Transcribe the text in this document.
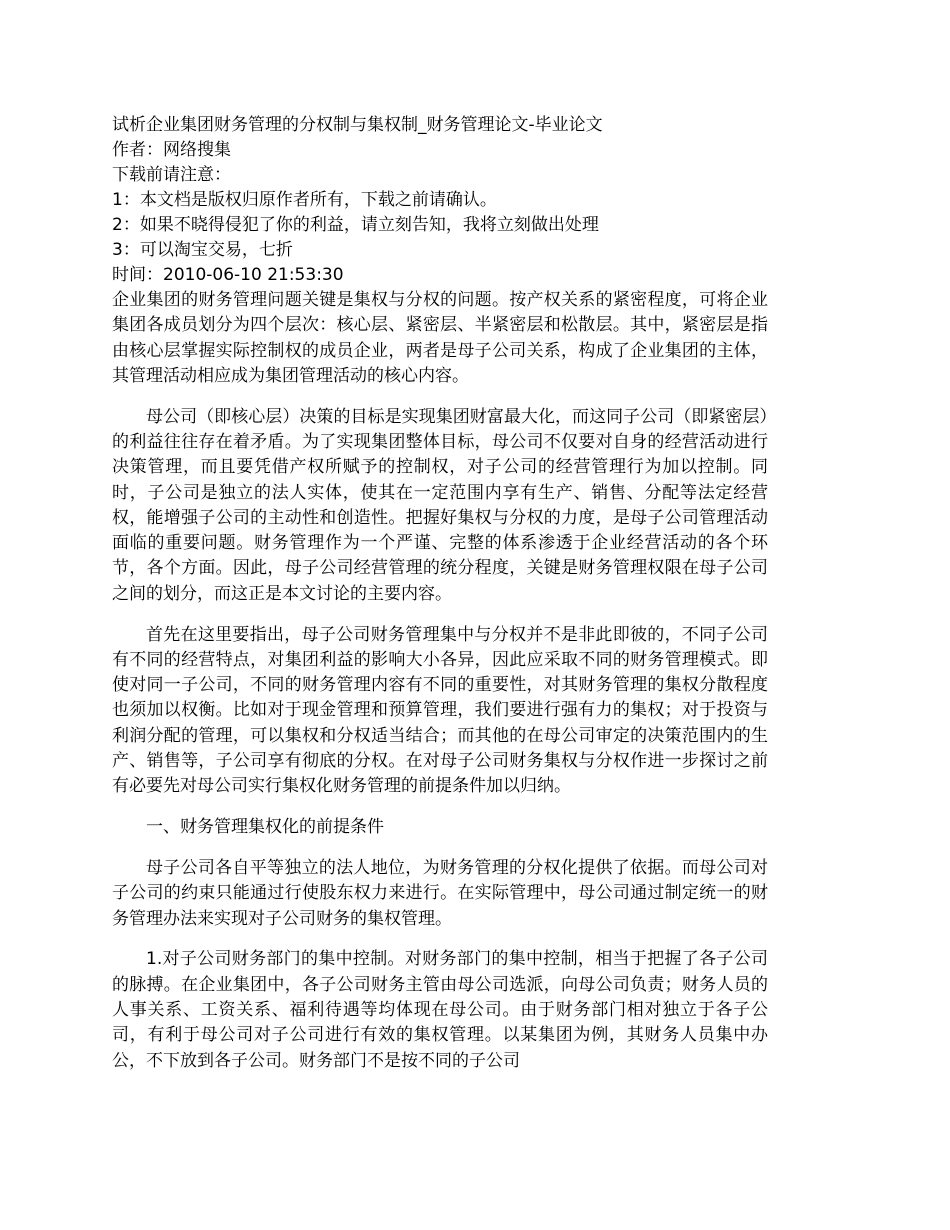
试析企业集团财务管理的分权制与集权制_财务管理论文-毕业论文

作者：网络搜集

下载前请注意：

1：本文档是版权归原作者所有，下载之前请确认。

2：如果不晓得侵犯了你的利益，请立刻告知，我将立刻做出处理

3：可以淘宝交易，七折

时间：2010-06-10 21:53:30

企业集团的财务管理问题关键是集权与分权的问题。按产权关系的紧密程度，可将企业集团各成员划分为四个层次：核心层、紧密层、半紧密层和松散层。其中，紧密层是指由核心层掌握实际控制权的成员企业，两者是母子公司关系，构成了企业集团的主体，其管理活动相应成为集团管理活动的核心内容。

母公司（即核心层）决策的目标是实现集团财富最大化，而这同子公司（即紧密层）的利益往往存在着矛盾。为了实现集团整体目标，母公司不仅要对自身的经营活动进行决策管理，而且要凭借产权所赋予的控制权，对子公司的经营管理行为加以控制。同时，子公司是独立的法人实体，使其在一定范围内享有生产、销售、分配等法定经营权，能增强子公司的主动性和创造性。把握好集权与分权的力度，是母子公司管理活动面临的重要问题。财务管理作为一个严谨、完整的体系渗透于企业经营活动的各个环节，各个方面。因此，母子公司经营管理的统分程度，关键是财务管理权限在母子公司之间的划分，而这正是本文讨论的主要内容。

首先在这里要指出，母子公司财务管理集中与分权并不是非此即彼的，不同子公司有不同的经营特点，对集团利益的影响大小各异，因此应采取不同的财务管理模式。即使对同一子公司，不同的财务管理内容有不同的重要性，对其财务管理的集权分散程度也须加以权衡。比如对于现金管理和预算管理，我们要进行强有力的集权；对于投资与利润分配的管理，可以集权和分权适当结合；而其他的在母公司审定的决策范围内的生产、销售等，子公司享有彻底的分权。在对母子公司财务集权与分权作进一步探讨之前有必要先对母公司实行集权化财务管理的前提条件加以归纳。

一、财务管理集权化的前提条件

母子公司各自平等独立的法人地位，为财务管理的分权化提供了依据。而母公司对子公司的约束只能通过行使股东权力来进行。在实际管理中，母公司通过制定统一的财务管理办法来实现对子公司财务的集权管理。

1.对子公司财务部门的集中控制。对财务部门的集中控制，相当于把握了各子公司的脉搏。在企业集团中，各子公司财务主管由母公司选派，向母公司负责；财务人员的人事关系、工资关系、福利待遇等均体现在母公司。由于财务部门相对独立于各子公司，有利于母公司对子公司进行有效的集权管理。以某集团为例，其财务人员集中办公，不下放到各子公司。财务部门不是按不同的子公司
